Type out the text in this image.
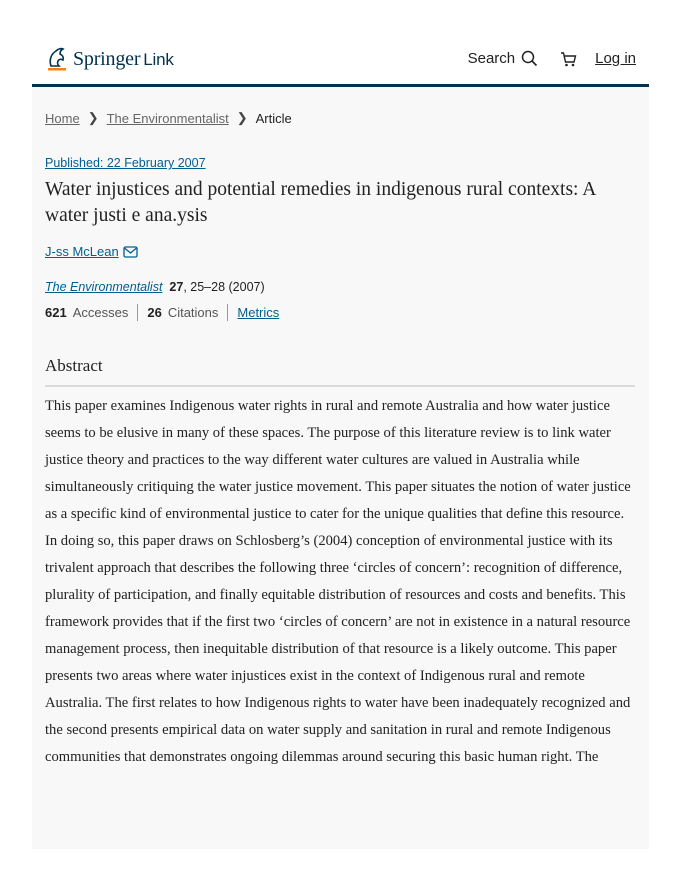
Springer Link	Search	Log in
Home ❯ The Environmentalist ❯ Article
Published: 22 February 2007
Water injustices and potential remedies in indigenous rural contexts: A water justi e ana.ysis
J-ss McLean
The Environmentalist 27, 25–28 (2007)
621 Accesses 26 Citations Metrics
Abstract

This paper examines Indigenous water rights in rural and remote Australia and how water justice seems to be elusive in many of these spaces. The purpose of this literature review is to link water justice theory and practices to the way different water cultures are valued in Australia while simultaneously critiquing the water justice movement. This paper situates the notion of water justice as a specific kind of environmental justice to cater for the unique qualities that define this resource. In doing so, this paper draws on Schlosberg’s (2004) conception of environmental justice with its trivalent approach that describes the following three ‘circles of concern’: recognition of difference, plurality of participation, and finally equitable distribution of resources and costs and benefits. This framework provides that if the first two ‘circles of concern’ are not in existence in a natural resource management process, then inequitable distribution of that resource is a likely outcome. This paper presents two areas where water injustices exist in the context of Indigenous rural and remote Australia. The first relates to how Indigenous rights to water have been inadequately recognized and the second presents empirical data on water supply and sanitation in rural and remote Indigenous communities that demonstrates ongoing dilemmas around securing this basic human right. The
